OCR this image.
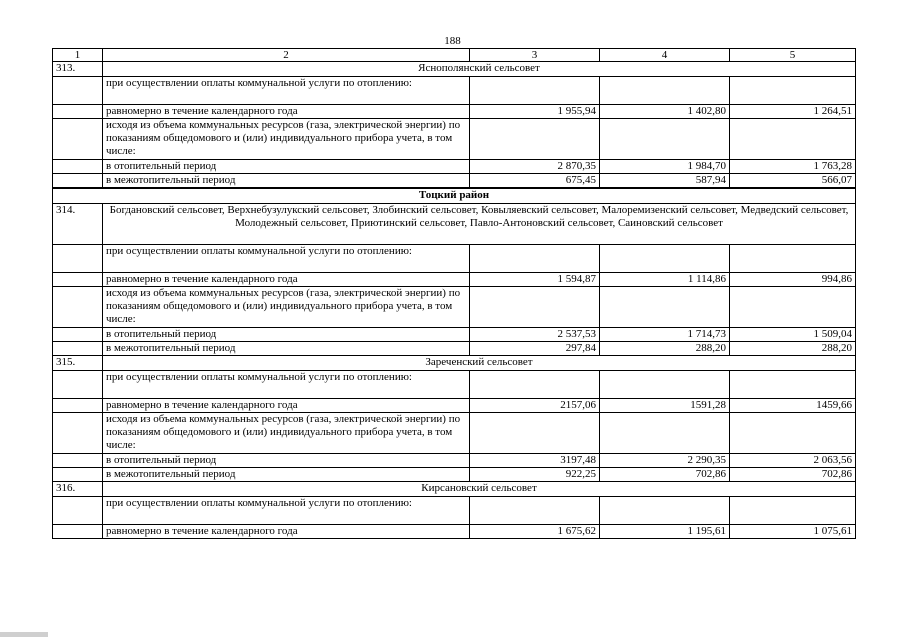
188
1	2	3	4	5
313.	Яснополянский сельсовет			
	при осуществлении оплаты коммунальной услуги по отоплению:			
	равномерно в течение календарного года	1 955,94	1 402,80	1 264,51
	исходя из объема коммунальных ресурсов (газа, электрической энергии) по показаниям общедомового и (или) индивидуального прибора учета, в том числе:			
	в отопительный период	2 870,35	1 984,70	1 763,28
	в межотопительный период	675,45	587,94	566,07
Тоцкий район				
314.	Богдановский сельсовет, Верхнебузулукский сельсовет, Злобинский сельсовет, Ковыляевский сельсовет, Малоремизенский сельсовет, Медведский сельсовет, Молодежный сельсовет, Приютинский сельсовет, Павло-Антоновский сельсовет, Саиновский сельсовет			
	при осуществлении оплаты коммунальной услуги по отоплению:			
	равномерно в течение календарного года	1 594,87	1 114,86	994,86
	исходя из объема коммунальных ресурсов (газа, электрической энергии) по показаниям общедомового и (или) индивидуального прибора учета, в том числе:			
	в отопительный период	2 537,53	1 714,73	1 509,04
	в межотопительный период	297,84	288,20	288,20
315.	Зареченский сельсовет			
	при осуществлении оплаты коммунальной услуги по отоплению:			
	равномерно в течение календарного года	2157,06	1591,28	1459,66
	исходя из объема коммунальных ресурсов (газа, электрической энергии) по показаниям общедомового и (или) индивидуального прибора учета, в том числе:			
	в отопительный период	3197,48	2 290,35	2 063,56
	в межотопительный период	922,25	702,86	702,86
316.	Кирсановский сельсовет			
	при осуществлении оплаты коммунальной услуги по отоплению:			
	равномерно в течение календарного года	1 675,62	1 195,61	1 075,61
